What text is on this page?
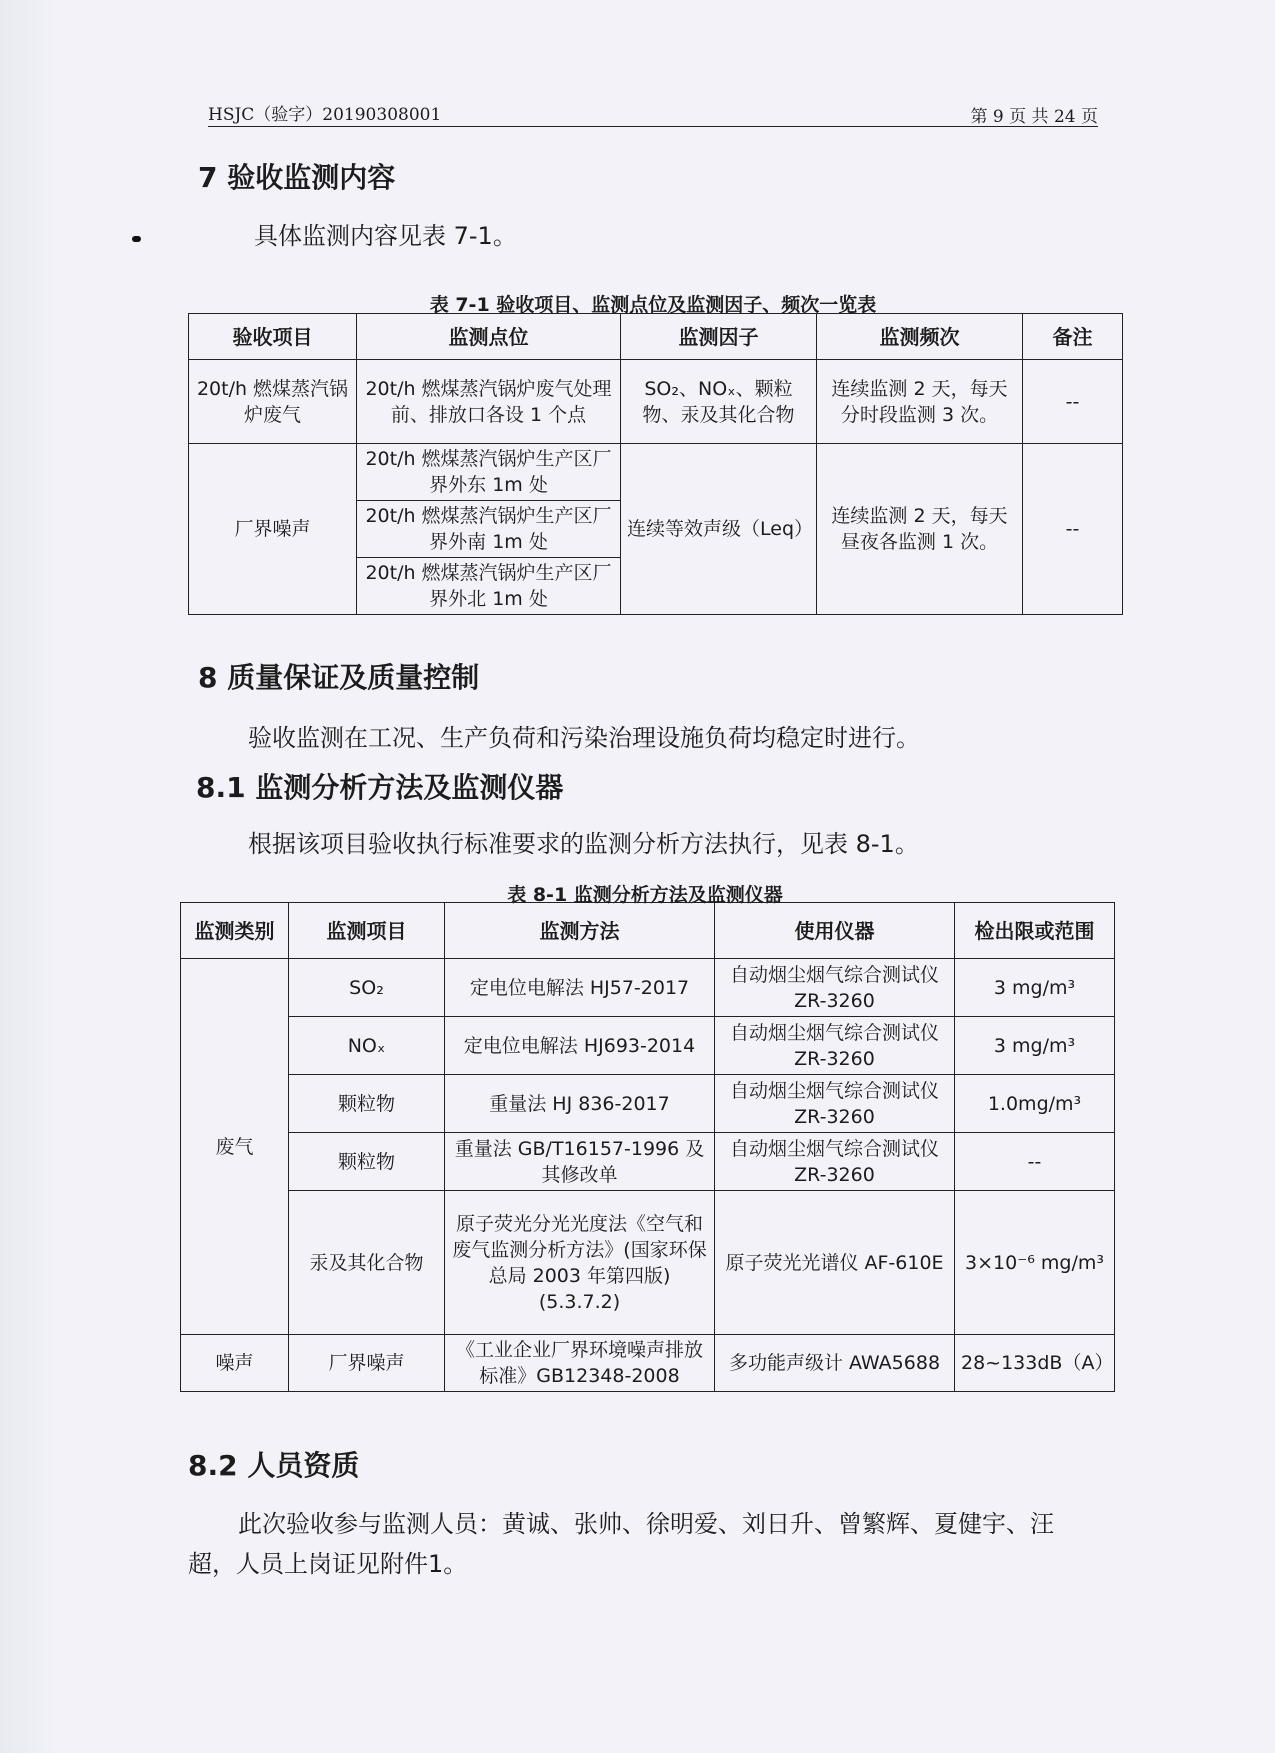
HSJC（验字）20190308001	第 9 页 共 24 页
7 验收监测内容

具体监测内容见表 7-1。

表 7-1 验收项目、监测点位及监测因子、频次一览表
验收项目	监测点位	监测因子	监测频次	备注
20t/h 燃煤蒸汽锅炉废气	20t/h 燃煤蒸汽锅炉废气处理前、排放口各设 1 个点	SO₂、NOₓ、颗粒物、汞及其化合物	连续监测 2 天，每天分时段监测 3 次。	--
厂界噪声	20t/h 燃煤蒸汽锅炉生产区厂界外东 1m 处	连续等效声级（Leq）	连续监测 2 天，每天昼夜各监测 1 次。	--
	20t/h 燃煤蒸汽锅炉生产区厂界外南 1m 处			
	20t/h 燃煤蒸汽锅炉生产区厂界外北 1m 处			
8 质量保证及质量控制

验收监测在工况、生产负荷和污染治理设施负荷均稳定时进行。

8.1 监测分析方法及监测仪器

根据该项目验收执行标准要求的监测分析方法执行，见表 8-1。

表 8-1 监测分析方法及监测仪器
监测类别	监测项目	监测方法	使用仪器	检出限或范围
废气	SO₂	定电位电解法 HJ57-2017	自动烟尘烟气综合测试仪 ZR-3260	3 mg/m³
	NOₓ	定电位电解法 HJ693-2014	自动烟尘烟气综合测试仪 ZR-3260	3 mg/m³
	颗粒物	重量法 HJ 836-2017	自动烟尘烟气综合测试仪 ZR-3260	1.0mg/m³
	颗粒物	重量法 GB/T16157-1996 及其修改单	自动烟尘烟气综合测试仪 ZR-3260	--
	汞及其化合物	原子荧光分光光度法《空气和废气监测分析方法》(国家环保总局 2003 年第四版)(5.3.7.2)	原子荧光光谱仪 AF-610E	3×10⁻⁶ mg/m³
噪声	厂界噪声	《工业企业厂界环境噪声排放标准》GB12348-2008	多功能声级计 AWA5688	28~133dB（A）
8.2 人员资质

此次验收参与监测人员：黄诚、张帅、徐明爱、刘日升、曾繁辉、夏健宇、汪超，人员上岗证见附件1。
